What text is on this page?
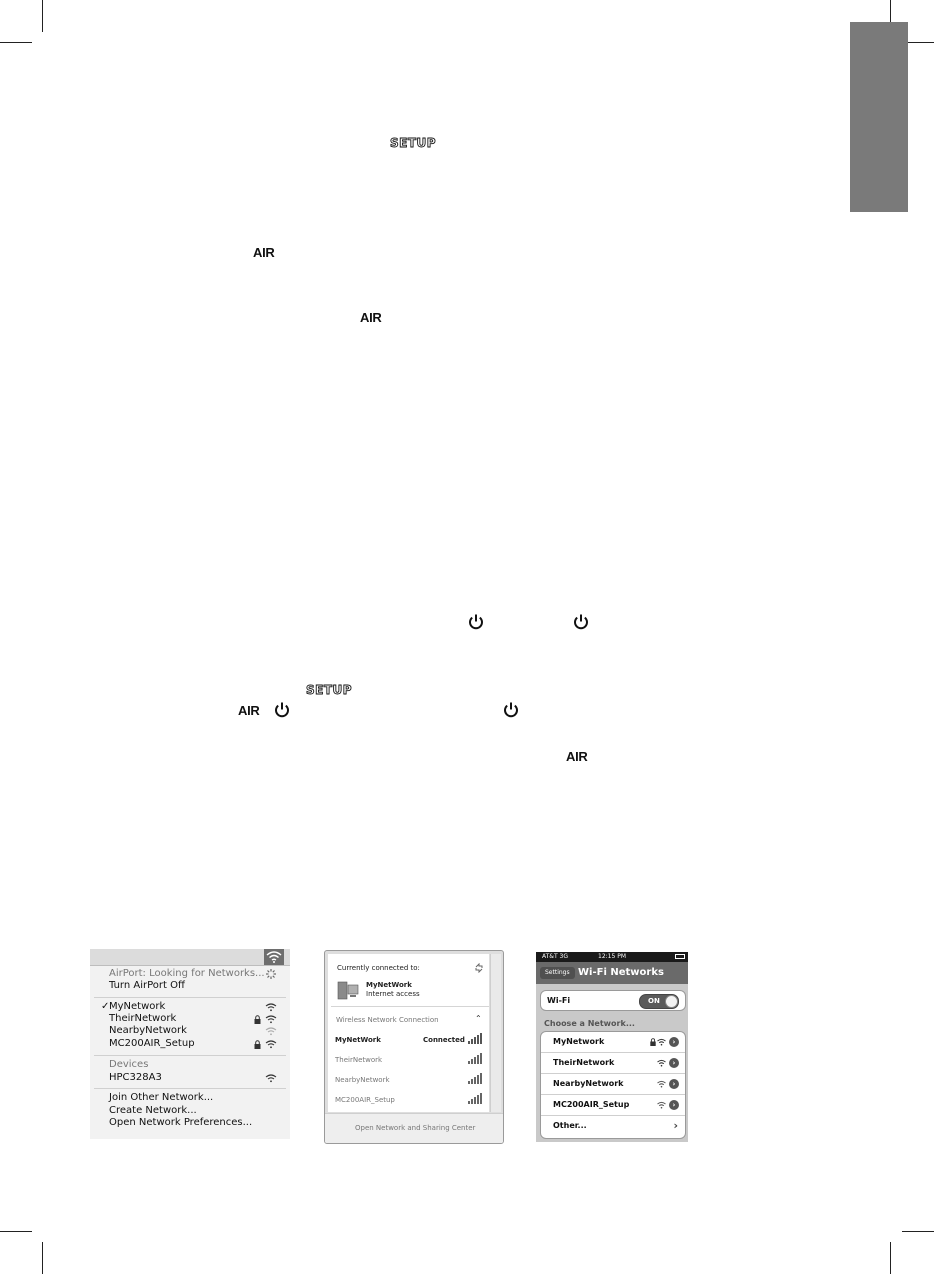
SETUP
AIR
AIR
SETUP
AIR
AIR
AirPort: Looking for Networks...
Turn AirPort Off
✓ MyNetwork
TheirNetwork
NearbyNetwork
MC200AIR_Setup
Devices
HPC328A3
Join Other Network...
Create Network...
Open Network Preferences...
Currently connected to:
MyNetWork
Internet access
Wireless Network Connection	⌃
MyNetWork	Connected
TheirNetwork
NearbyNetwork
MC200AIR_Setup
Open Network and Sharing Center
AT&T 3G	12:15 PM
Settings Wi-Fi Networks
Wi-Fi	ON
Choose a Network...
MyNetwork	›
TheirNetwork	›
NearbyNetwork	›
MC200AIR_Setup	›
Other...	›
